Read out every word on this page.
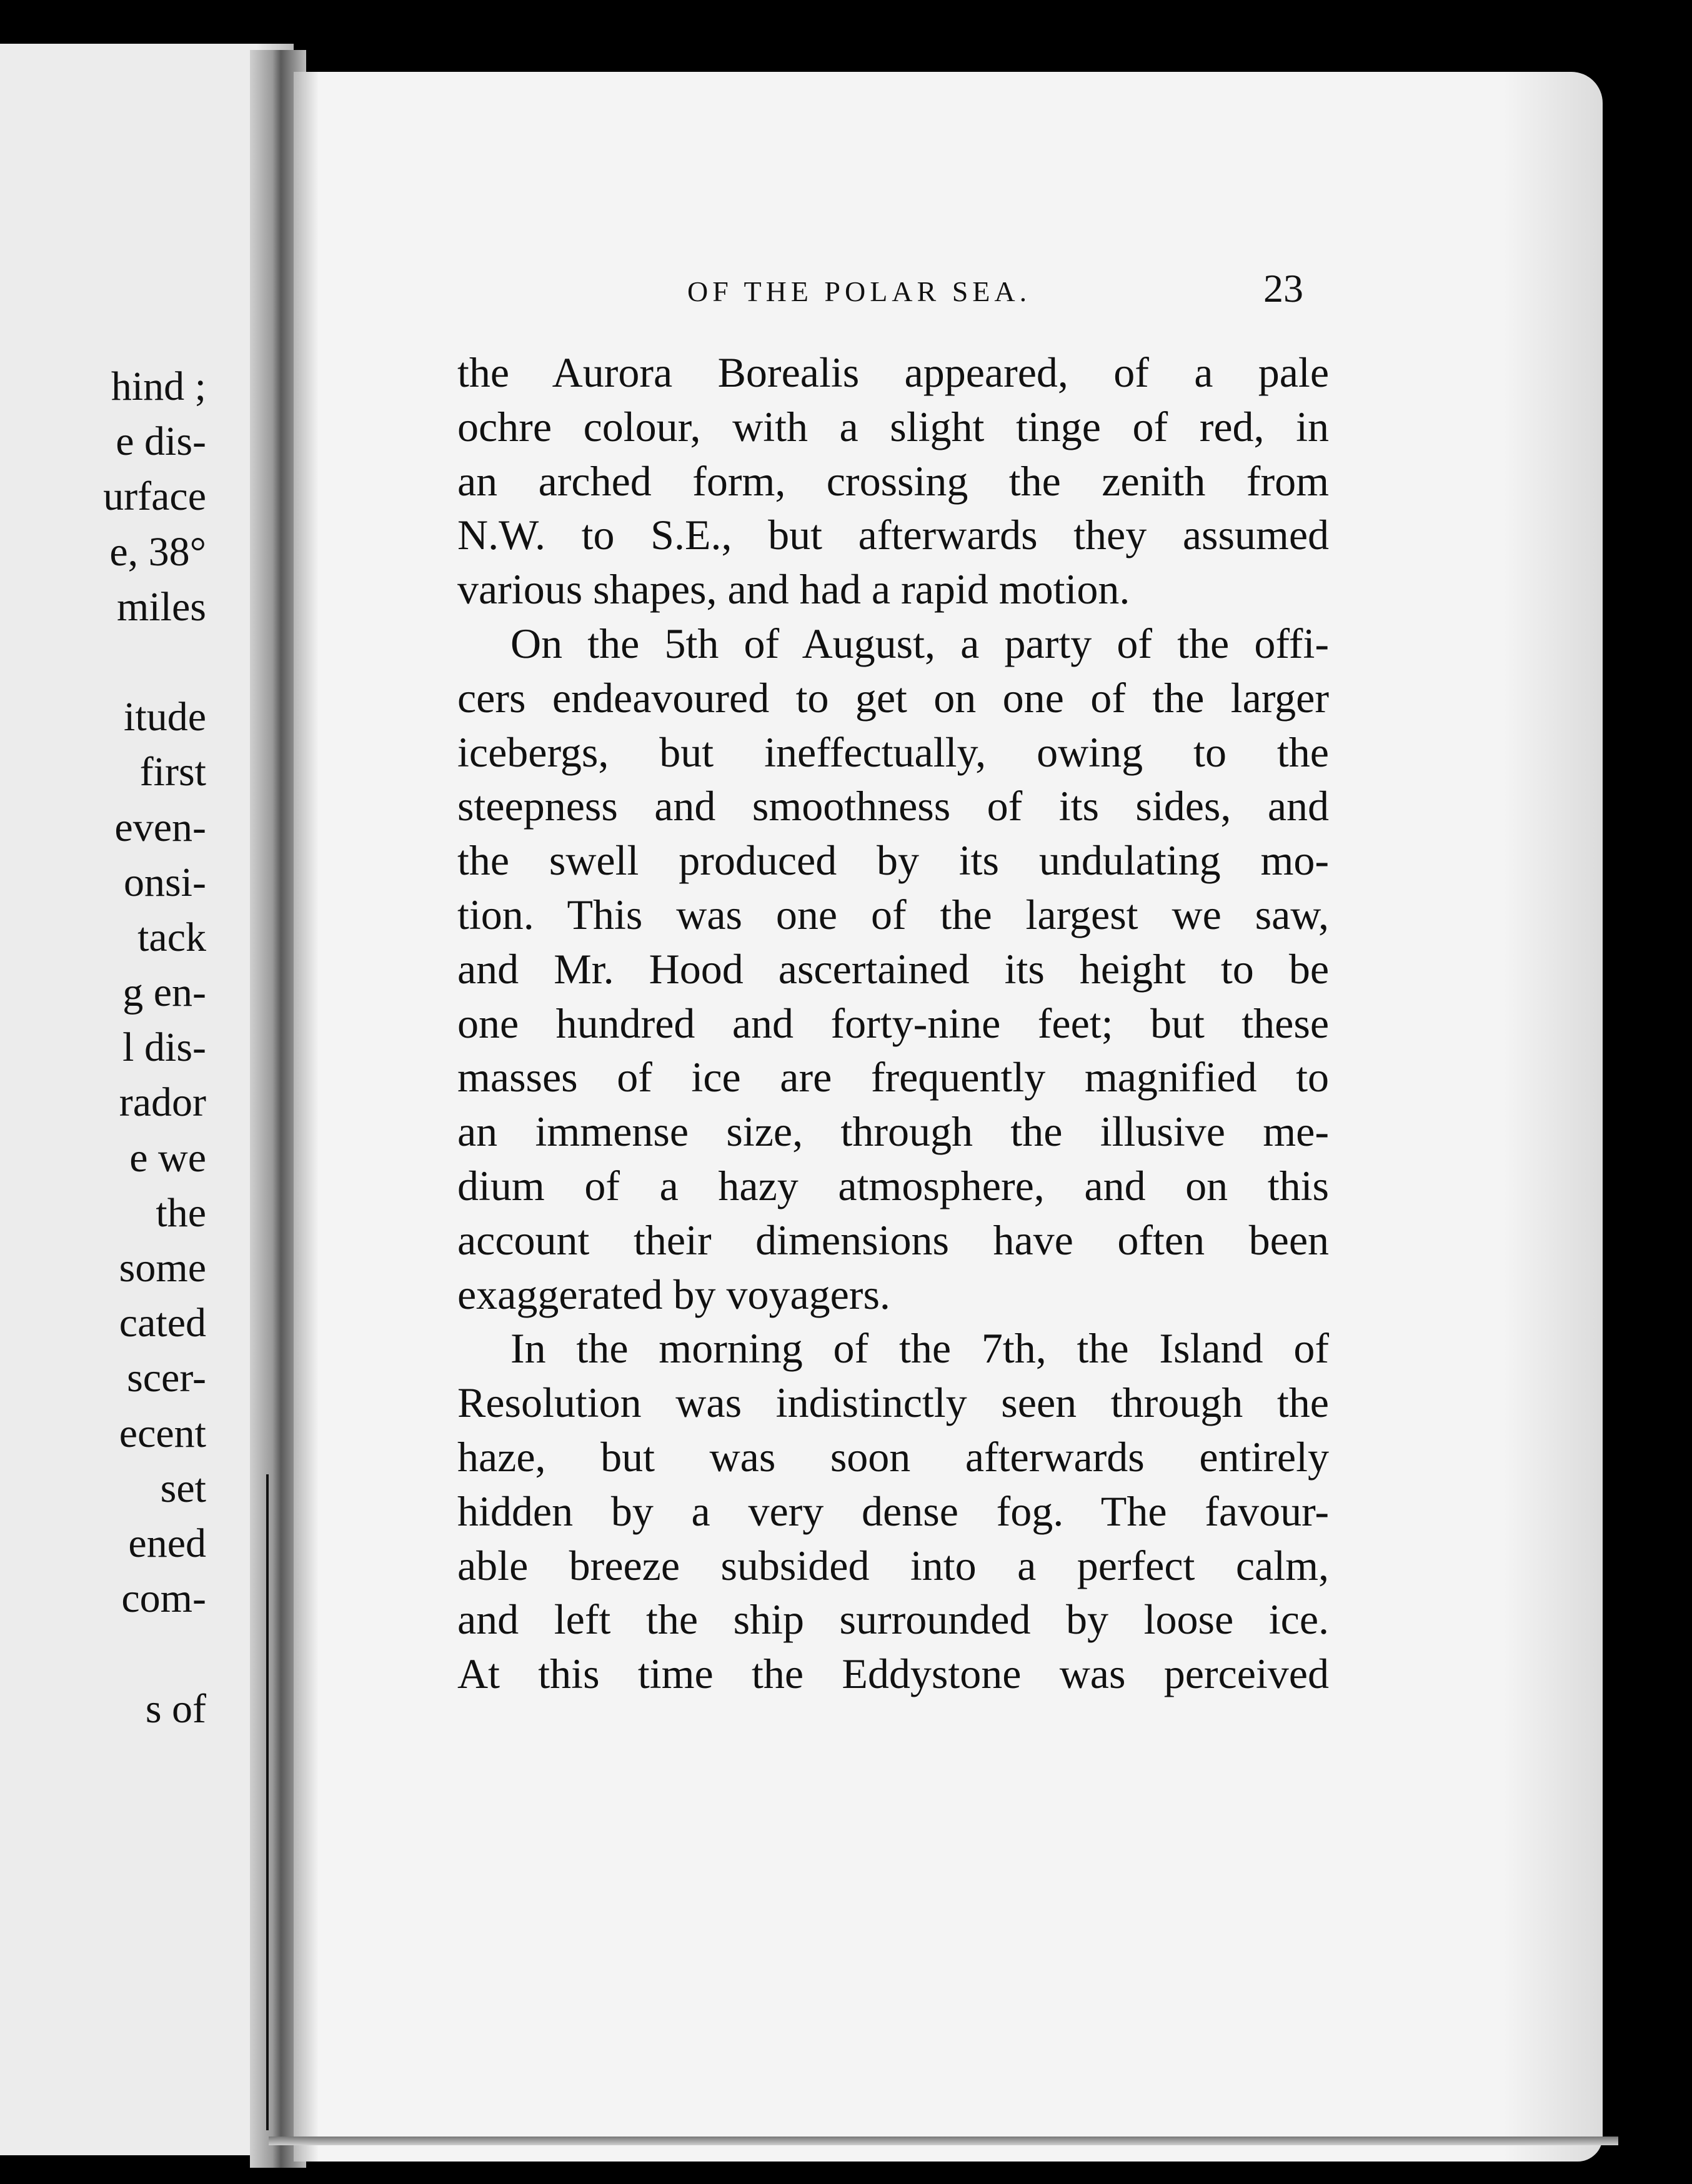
hind ;
e dis-
urface
e, 38°
miles
itude
first
even-
onsi-
tack
g en-
l dis-
rador
e we
the
some
cated
scer-
ecent
set
ened
com-
s of
OF THE POLAR SEA.	23
the Aurora Borealis appeared, of a pale
ochre colour, with a slight tinge of red, in
an arched form, crossing the zenith from
N.W. to S.E., but afterwards they assumed
various shapes, and had a rapid motion.
On the 5th of August, a party of the offi-
cers endeavoured to get on one of the larger
icebergs, but ineffectually, owing to the
steepness and smoothness of its sides, and
the swell produced by its undulating mo-
tion. This was one of the largest we saw,
and Mr. Hood ascertained its height to be
one hundred and forty-nine feet; but these
masses of ice are frequently magnified to
an immense size, through the illusive me-
dium of a hazy atmosphere, and on this
account their dimensions have often been
exaggerated by voyagers.
In the morning of the 7th, the Island of
Resolution was indistinctly seen through the
haze, but was soon afterwards entirely
hidden by a very dense fog. The favour-
able breeze subsided into a perfect calm,
and left the ship surrounded by loose ice.
At this time the Eddystone was perceived
